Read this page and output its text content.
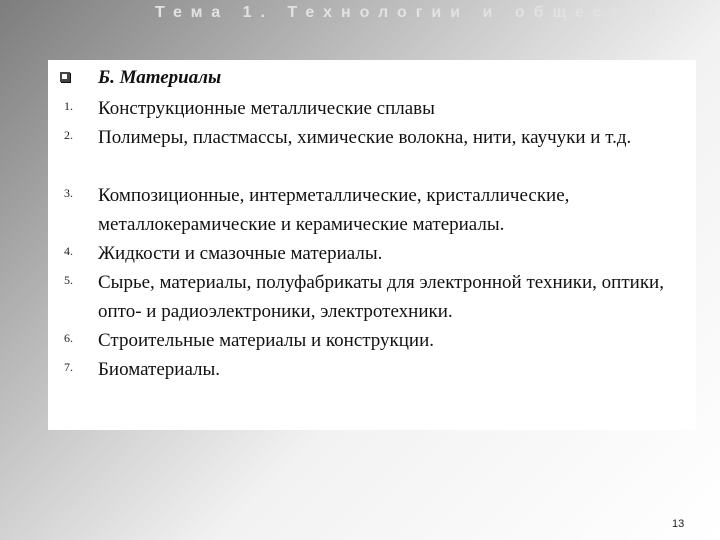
Тема 1. Технологии и общество.
Б. Материалы
1. Конструкционные металлические сплавы
2. Полимеры, пластмассы, химические волокна, нити, каучуки и т.д.
3. Композиционные, интерметаллические, кристаллические, металлокерамические и керамические материалы.
4. Жидкости и смазочные материалы.
5. Сырье, материалы, полуфабрикаты для электронной техники, оптики, опто- и радиоэлектроники, электротехники.
6. Строительные материалы и конструкции.
7. Биоматериалы.
13
